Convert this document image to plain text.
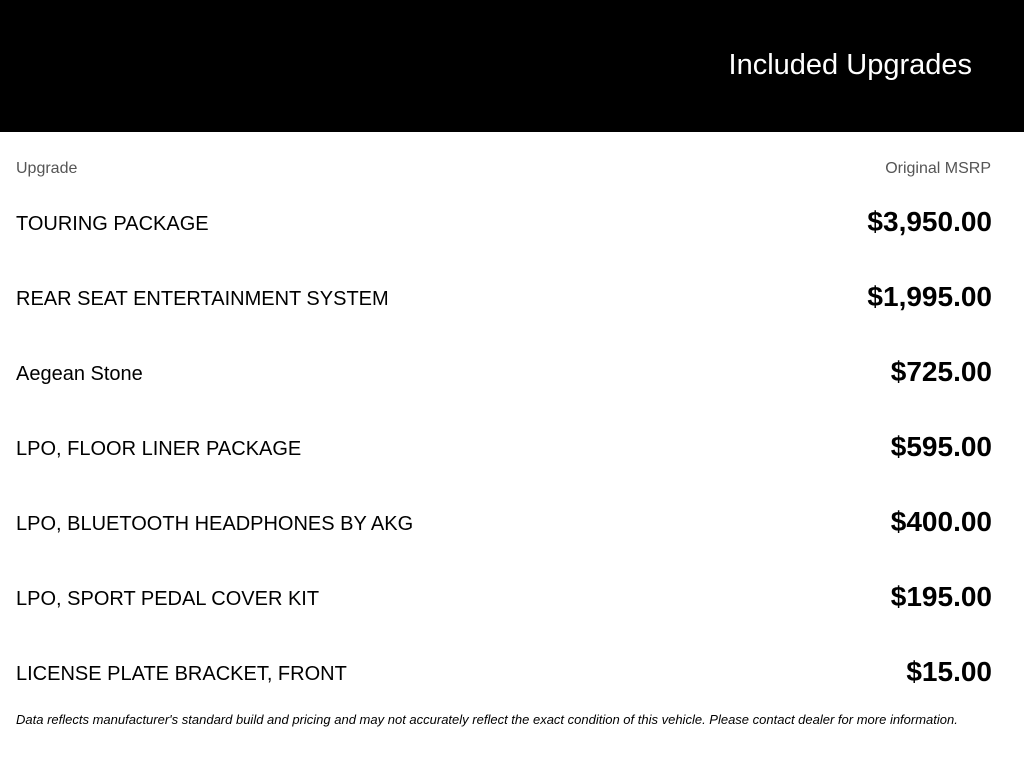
Included Upgrades
Upgrade	Original MSRP
TOURING PACKAGE	$3,950.00
REAR SEAT ENTERTAINMENT SYSTEM	$1,995.00
Aegean Stone	$725.00
LPO, FLOOR LINER PACKAGE	$595.00
LPO, BLUETOOTH HEADPHONES BY AKG	$400.00
LPO, SPORT PEDAL COVER KIT	$195.00
LICENSE PLATE BRACKET, FRONT	$15.00
Data reflects manufacturer's standard build and pricing and may not accurately reflect the exact condition of this vehicle. Please contact dealer for more information.
